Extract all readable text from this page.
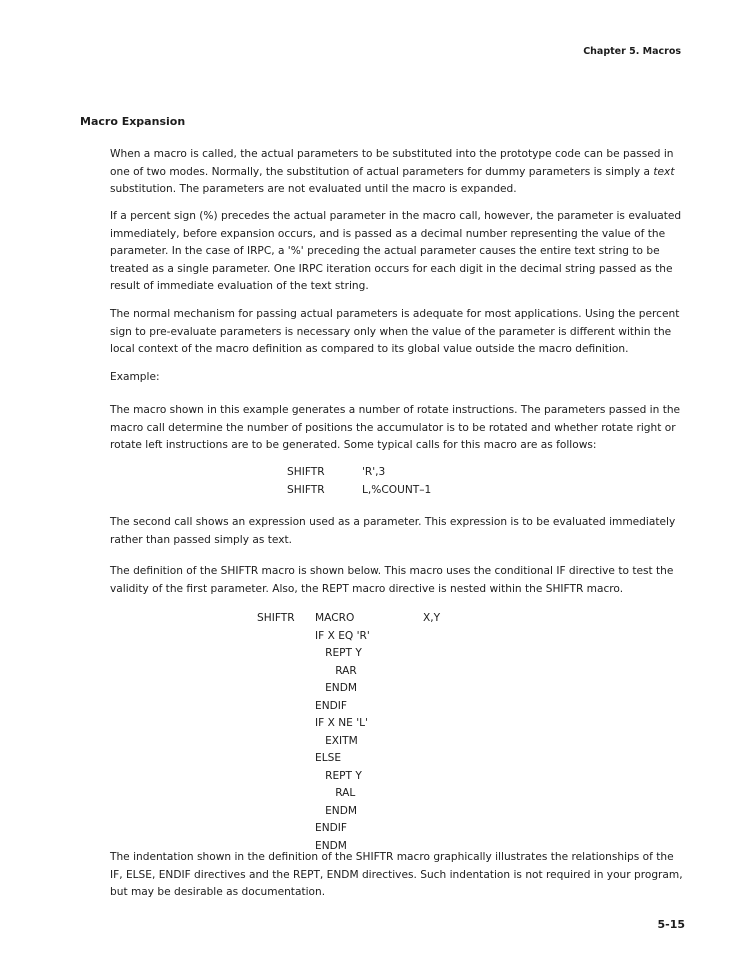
Chapter 5. Macros
Macro Expansion
When a macro is called, the actual parameters to be substituted into the prototype code can be passed in one of two modes. Normally, the substitution of actual parameters for dummy parameters is simply a text substitution. The parameters are not evaluated until the macro is expanded.
If a percent sign (%) precedes the actual parameter in the macro call, however, the parameter is evaluated immediately, before expansion occurs, and is passed as a decimal number representing the value of the parameter. In the case of IRPC, a '%' preceding the actual parameter causes the entire text string to be treated as a single parameter. One IRPC iteration occurs for each digit in the decimal string passed as the result of immediate evaluation of the text string.
The normal mechanism for passing actual parameters is adequate for most applications. Using the percent sign to pre-evaluate parameters is necessary only when the value of the parameter is different within the local context of the macro definition as compared to its global value outside the macro definition.
Example:
The macro shown in this example generates a number of rotate instructions. The parameters passed in the macro call determine the number of positions the accumulator is to be rotated and whether rotate right or rotate left instructions are to be generated. Some typical calls for this macro are as follows:
SHIFTR	'R',3
SHIFTR	L,%COUNT–1
The second call shows an expression used as a parameter. This expression is to be evaluated immediately rather than passed simply as text.
The definition of the SHIFTR macro is shown below. This macro uses the conditional IF directive to test the validity of the first parameter. Also, the REPT macro directive is nested within the SHIFTR macro.
SHIFTR	MACRO	X,Y
IF X EQ 'R'
REPT Y
RAR
ENDM
ENDIF
IF X NE 'L'
EXITM
ELSE
REPT Y
RAL
ENDM
ENDIF
ENDM
The indentation shown in the definition of the SHIFTR macro graphically illustrates the relationships of the IF, ELSE, ENDIF directives and the REPT, ENDM directives. Such indentation is not required in your program, but may be desirable as documentation.
5-15
